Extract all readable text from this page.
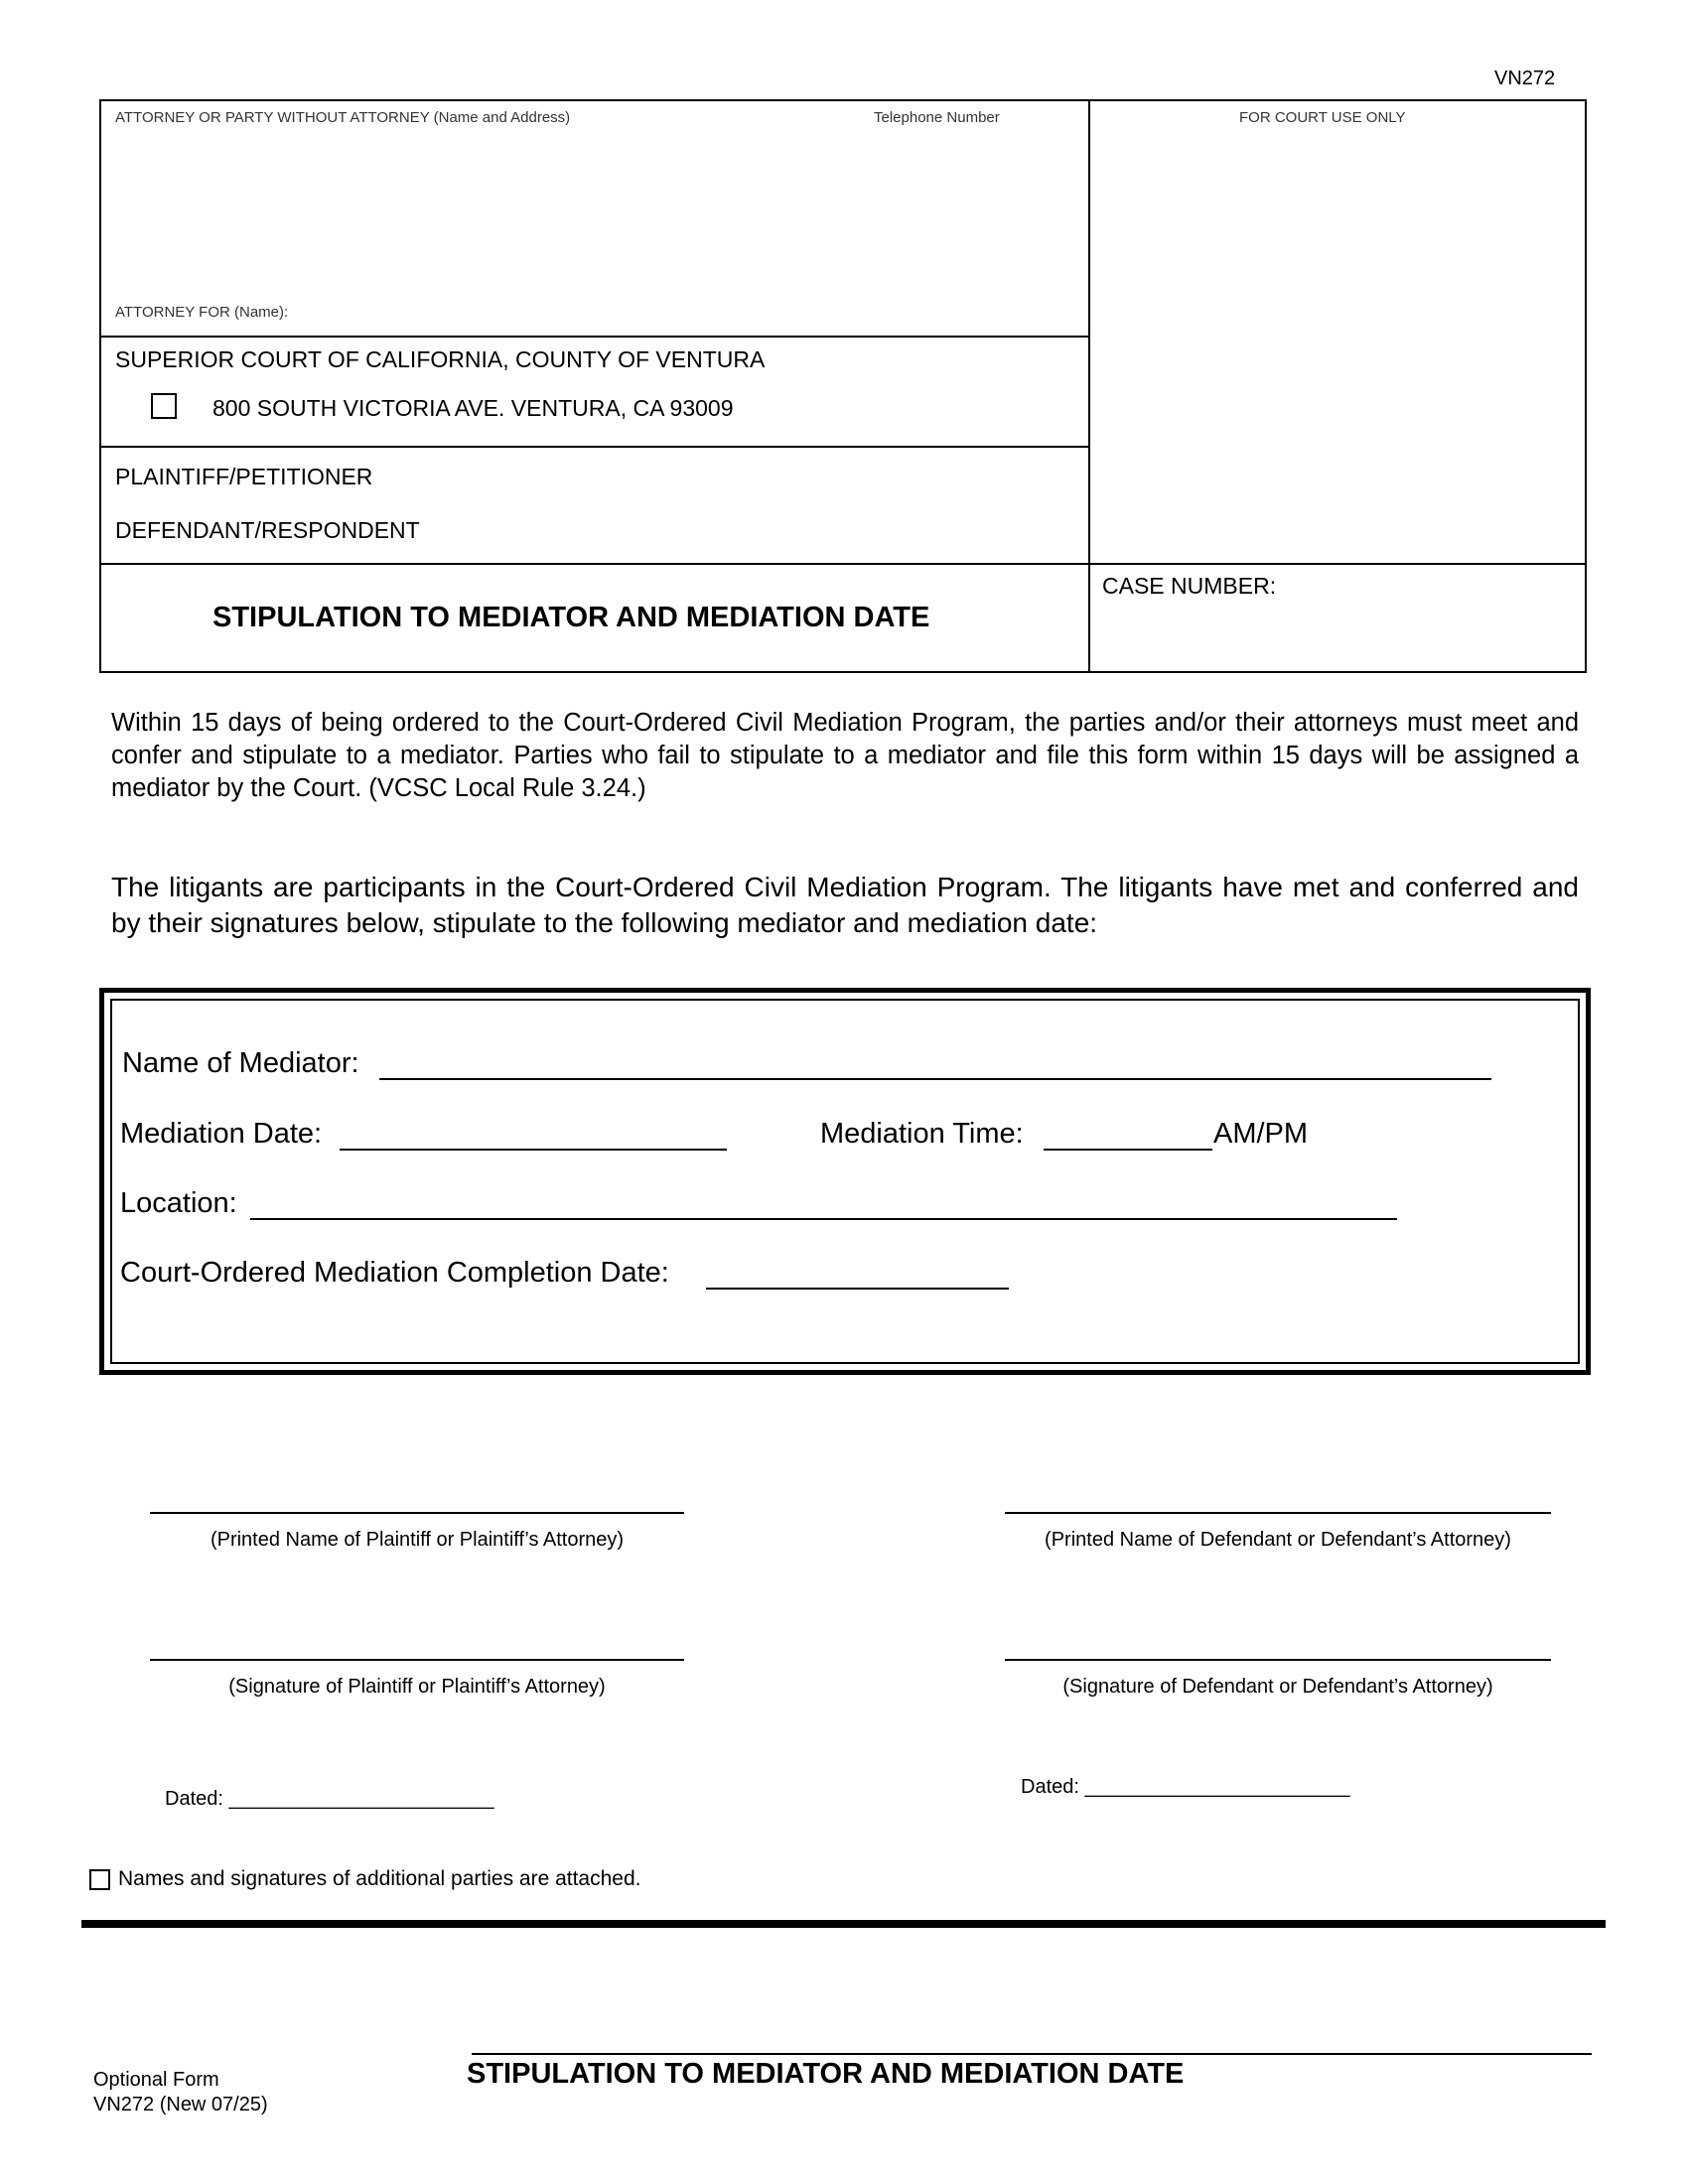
VN272
ATTORNEY OR PARTY WITHOUT ATTORNEY (Name and Address)	Telephone Number	FOR COURT USE ONLY
ATTORNEY FOR (Name):
SUPERIOR COURT OF CALIFORNIA, COUNTY OF VENTURA
800 SOUTH VICTORIA AVE. VENTURA, CA 93009
PLAINTIFF/PETITIONER
DEFENDANT/RESPONDENT
STIPULATION TO MEDIATOR AND MEDIATION DATE
CASE NUMBER:
Within 15 days of being ordered to the Court-Ordered Civil Mediation Program, the parties and/or their attorneys must meet and confer and stipulate to a mediator. Parties who fail to stipulate to a mediator and file this form within 15 days will be assigned a mediator by the Court. (VCSC Local Rule 3.24.)
The litigants are participants in the Court-Ordered Civil Mediation Program. The litigants have met and conferred and by their signatures below, stipulate to the following mediator and mediation date:
Name of Mediator:
Mediation Date:	Mediation Time:	AM/PM
Location:
Court-Ordered Mediation Completion Date:
(Printed Name of Plaintiff or Plaintiff’s Attorney)	(Printed Name of Defendant or Defendant’s Attorney)
(Signature of Plaintiff or Plaintiff’s Attorney)	(Signature of Defendant or Defendant’s Attorney)
Dated: ________________________
Dated: ________________________
Names and signatures of additional parties are attached.
Optional Form
VN272 (New 07/25)
STIPULATION TO MEDIATOR AND MEDIATION DATE
